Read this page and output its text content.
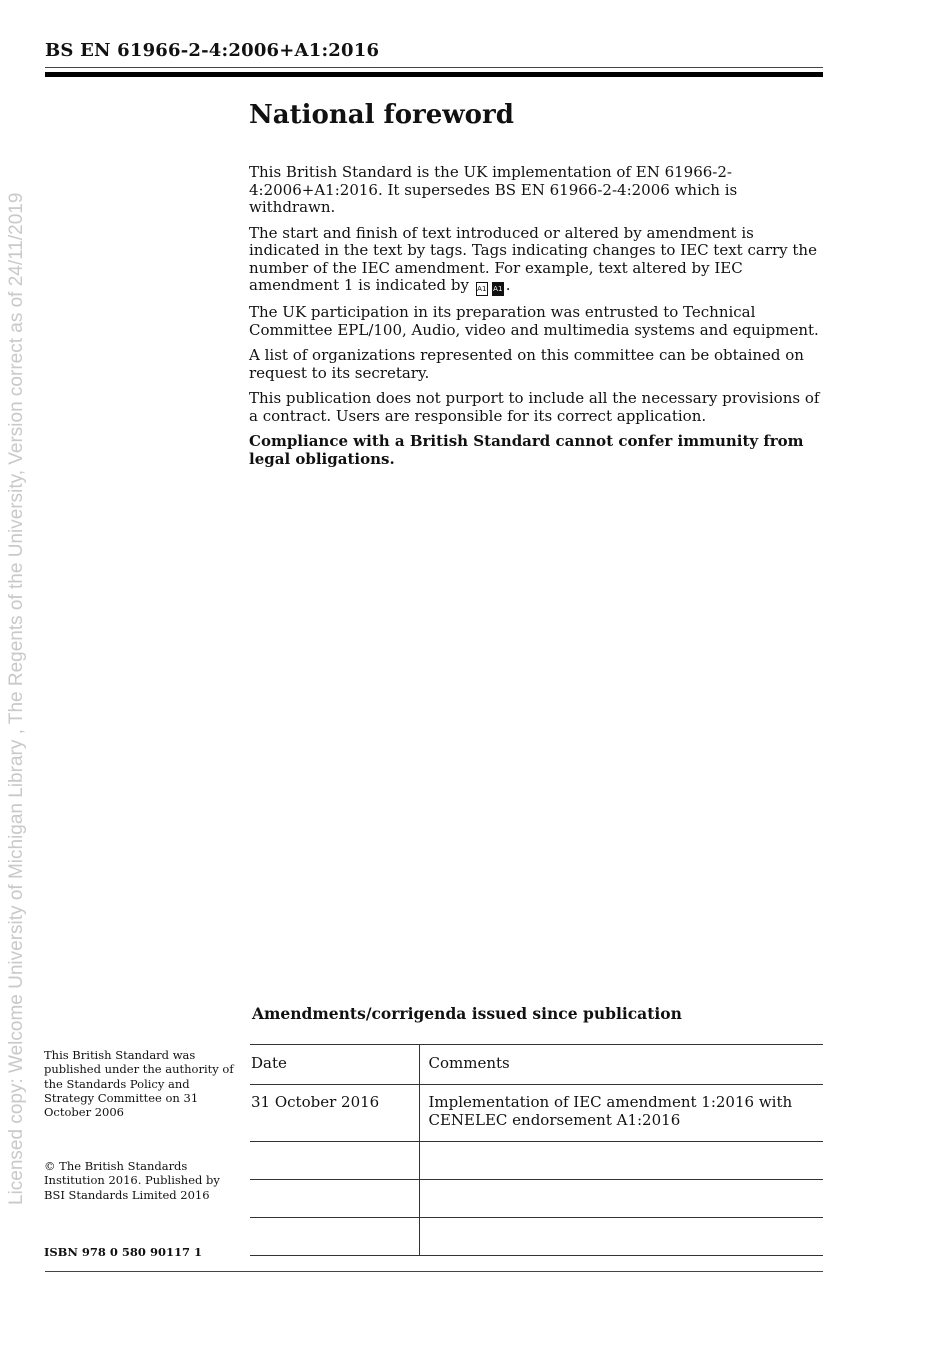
BS EN 61966-2-4:2006+A1:2016
Licensed copy: Welcome University of Michigan Library , The Regents of the University, Version correct as of 24/11/2019
National foreword

This British Standard is the UK implementation of EN 61966-2-4:2006+A1:2016. It supersedes BS EN 61966-2-4:2006 which is withdrawn.

The start and finish of text introduced or altered by amendment is indicated in the text by tags. Tags indicating changes to IEC text carry the number of the IEC amendment. For example, text altered by IEC amendment 1 is indicated by A1 A1 .

The UK participation in its preparation was entrusted to Technical Committee EPL/100, Audio, video and multimedia systems and equipment.

A list of organizations represented on this committee can be obtained on request to its secretary.

This publication does not purport to include all the necessary provisions of a contract. Users are responsible for its correct application.

Compliance with a British Standard cannot confer immunity from legal obligations.

Amendments/corrigenda issued since publication
Date	Comments
31 October 2016	Implementation of IEC amendment 1:2016 with CENELEC endorsement A1:2016

This British Standard was published under the authority of the Standards Policy and Strategy Committee on 31 October 2006
© The British Standards Institution 2016. Published by BSI Standards Limited 2016
ISBN 978 0 580 90117 1
